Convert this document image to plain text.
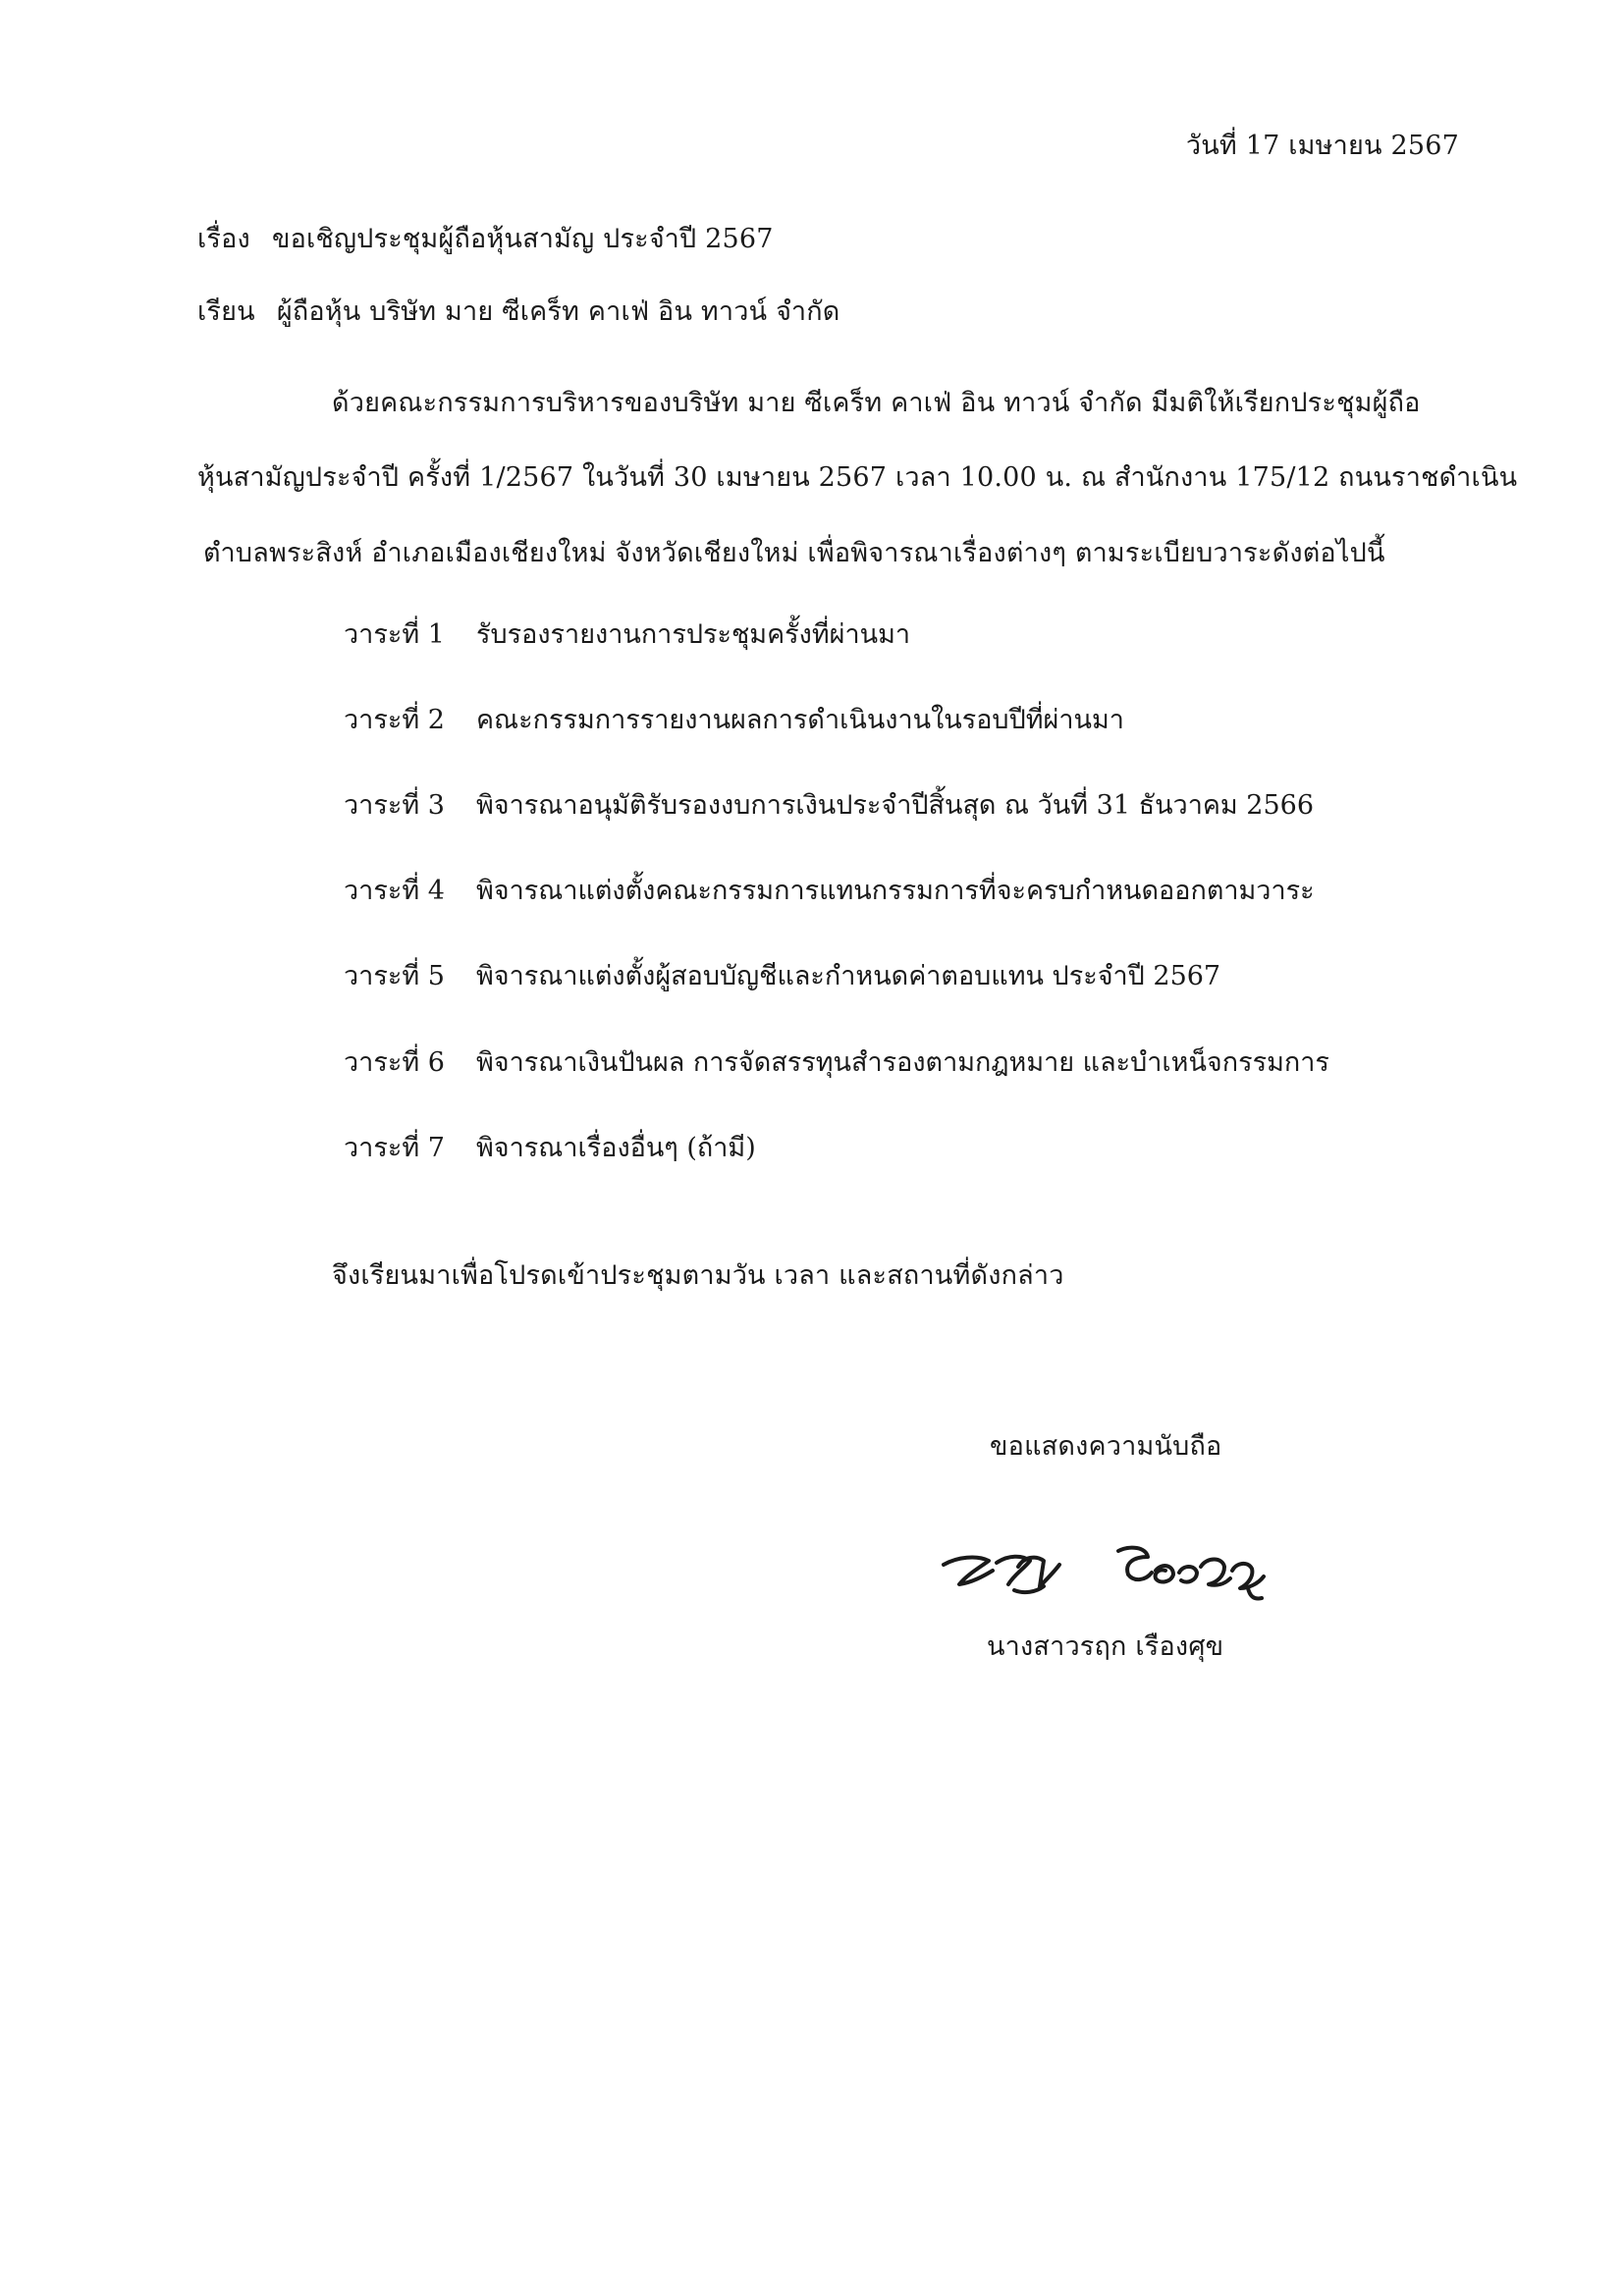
วันที่ 17 เมษายน 2567
เรื่อง ขอเชิญประชุมผู้ถือหุ้นสามัญ ประจำปี 2567
เรียน ผู้ถือหุ้น บริษัท มาย ซีเคร็ท คาเฟ่ อิน ทาวน์ จำกัด
ด้วยคณะกรรมการบริหารของบริษัท มาย ซีเคร็ท คาเฟ่ อิน ทาวน์ จำกัด มีมติให้เรียกประชุมผู้ถือ
หุ้นสามัญประจำปี ครั้งที่ 1/2567 ในวันที่ 30 เมษายน 2567 เวลา 10.00 น. ณ สำนักงาน 175/12 ถนนราชดำเนิน
ตำบลพระสิงห์ อำเภอเมืองเชียงใหม่ จังหวัดเชียงใหม่ เพื่อพิจารณาเรื่องต่างๆ ตามระเบียบวาระดังต่อไปนี้
วาระที่ 1 รับรองรายงานการประชุมครั้งที่ผ่านมา
วาระที่ 2 คณะกรรมการรายงานผลการดำเนินงานในรอบปีที่ผ่านมา
วาระที่ 3 พิจารณาอนุมัติรับรองงบการเงินประจำปีสิ้นสุด ณ วันที่ 31 ธันวาคม 2566
วาระที่ 4 พิจารณาแต่งตั้งคณะกรรมการแทนกรรมการที่จะครบกำหนดออกตามวาระ
วาระที่ 5 พิจารณาแต่งตั้งผู้สอบบัญชีและกำหนดค่าตอบแทน ประจำปี 2567
วาระที่ 6 พิจารณาเงินปันผล การจัดสรรทุนสำรองตามกฎหมาย และบำเหน็จกรรมการ
วาระที่ 7 พิจารณาเรื่องอื่นๆ (ถ้ามี)
จึงเรียนมาเพื่อโปรดเข้าประชุมตามวัน เวลา และสถานที่ดังกล่าว
ขอแสดงความนับถือ
นางสาวรฤก เรืองศุข
